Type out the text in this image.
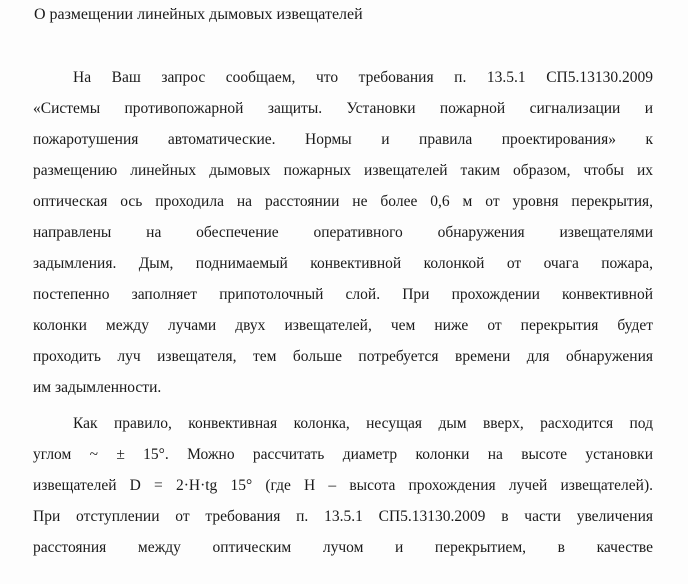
О размещении линейных дымовых извещателей
На Ваш запрос сообщаем, что требования п. 13.5.1 СП5.13130.2009
«Системы противопожарной защиты. Установки пожарной сигнализации и
пожаротушения автоматические. Нормы и правила проектирования» к
размещению линейных дымовых пожарных извещателей таким образом, чтобы их
оптическая ось проходила на расстоянии не более 0,6 м от уровня перекрытия,
направлены на обеспечение оперативного обнаружения извещателями
задымления. Дым, поднимаемый конвективной колонкой от очага пожара,
постепенно заполняет припотолочный слой. При прохождении конвективной
колонки между лучами двух извещателей, чем ниже от перекрытия будет
проходить луч извещателя, тем больше потребуется времени для обнаружения
им задымленности.
Как правило, конвективная колонка, несущая дым вверх, расходится под
углом ~ ± 15°. Можно рассчитать диаметр колонки на высоте установки
извещателей D = 2·H·tg 15° (где H – высота прохождения лучей извещателей).
При отступлении от требования п. 13.5.1 СП5.13130.2009 в части увеличения
расстояния между оптическим лучом и перекрытием, в качестве
